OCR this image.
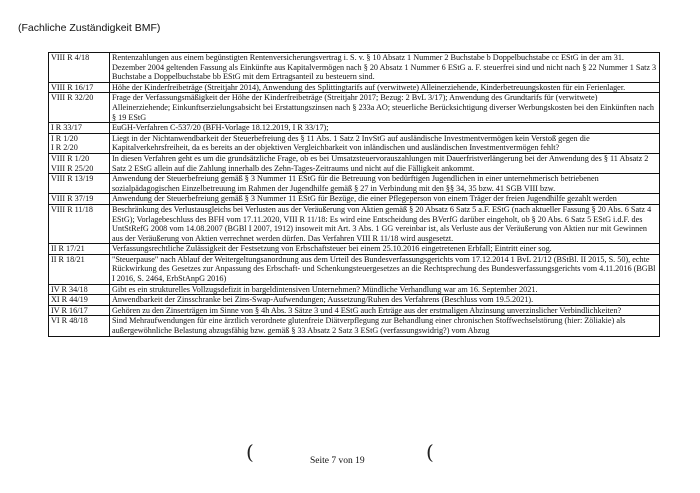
(Fachliche Zuständigkeit BMF)
VIII R 4/18	Rentenzahlungen aus einem begünstigten Rentenversicherungsvertrag i. S. v. § 10 Absatz 1 Nummer 2 Buchstabe b Doppelbuchstabe cc EStG in der am 31. Dezember 2004 geltenden Fassung als Einkünfte aus Kapitalvermögen nach § 20 Absatz 1 Nummer 6 EStG a. F. steuerfrei sind und nicht nach § 22 Nummer 1 Satz 3 Buchstabe a Doppelbuchstabe bb EStG mit dem Ertragsanteil zu besteuern sind.

VIII R 16/17	Höhe der Kinderfreibeträge (Streitjahr 2014), Anwendung des Splittingtarifs auf (verwitwete) Alleinerziehende, Kinderbetreuungskosten für ein Ferienlager.

VIII R 32/20	Frage der Verfassungsmäßigkeit der Höhe der Kinderfreibeträge (Streitjahr 2017; Bezug: 2 BvL 3/17); Anwendung des Grundtarifs für (verwitwete) Alleinerziehende; Einkunftserzielungsabsicht bei Erstattungszinsen nach § 233a AO; steuerliche Berücksichtigung diverser Werbungskosten bei den Einkünften nach § 19 EStG

I R 33/17	EuGH-Verfahren C-537/20 (BFH-Vorlage 18.12.2019, I R 33/17);

I R 1/20
I R 2/20	Liegt in der Nichtanwendbarkeit der Steuerbefreiung des § 11 Abs. 1 Satz 2 InvStG auf ausländische Investmentvermögen kein Verstoß gegen die Kapitalverkehrsfreiheit, da es bereits an der objektiven Vergleichbarkeit von inländischen und ausländischen Investmentvermögen fehlt?

VIII R 1/20
VIII R 25/20	In diesen Verfahren geht es um die grundsätzliche Frage, ob es bei Umsatzsteuervorauszahlungen mit Dauerfristverlängerung bei der Anwendung des § 11 Absatz 2 Satz 2 EStG allein auf die Zahlung innerhalb des Zehn-Tages-Zeitraums und nicht auf die Fälligkeit ankommt.

VIII R 13/19	Anwendung der Steuerbefreiung gemäß § 3 Nummer 11 EStG für die Betreuung von bedürftigen Jugendlichen in einer unternehmerisch betriebenen sozialpädagogischen Einzelbetreuung im Rahmen der Jugendhilfe gemäß § 27 in Verbindung mit den §§ 34, 35 bzw. 41 SGB VIII bzw.

VIII R 37/19	Anwendung der Steuerbefreiung gemäß § 3 Nummer 11 EStG für Bezüge, die einer Pflegeperson von einem Träger der freien Jugendhilfe gezahlt werden

VIII R 11/18	Beschränkung des Verlustausgleichs bei Verlusten aus der Veräußerung von Aktien gemäß § 20 Absatz 6 Satz 5 a.F. EStG (nach aktueller Fassung § 20 Abs. 6 Satz 4 EStG); Vorlagebeschluss des BFH vom 17.11.2020, VIII R 11/18: Es wird eine Entscheidung des BVerfG darüber eingeholt, ob § 20 Abs. 6 Satz 5 EStG i.d.F. des UntStRefG 2008 vom 14.08.2007 (BGBl I 2007, 1912) insoweit mit Art. 3 Abs. 1 GG vereinbar ist, als Verluste aus der Veräußerung von Aktien nur mit Gewinnen aus der Veräußerung von Aktien verrechnet werden dürfen. Das Verfahren VIII R 11/18 wird ausgesetzt.

II R 17/21	Verfassungsrechtliche Zulässigkeit der Festsetzung von Erbschaftsteuer bei einem 25.10.2016 eingetretenen Erbfall; Eintritt einer sog.

II R 18/21	"Steuerpause" nach Ablauf der Weitergeltungsanordnung aus dem Urteil des Bundesverfassungsgerichts vom 17.12.2014 1 BvL 21/12 (BStBl. II 2015, S. 50), echte Rückwirkung des Gesetzes zur Anpassung des Erbschaft- und Schenkungsteuergesetzes an die Rechtsprechung des Bundesverfassungsgerichts vom 4.11.2016 (BGBl I 2016, S. 2464, ErbStAnpG 2016)

IV R 34/18	Gibt es ein strukturelles Vollzugsdefizit in bargeldintensiven Unternehmen? Mündliche Verhandlung war am 16. September 2021.

XI R 44/19	Anwendbarkeit der Zinsschranke bei Zins-Swap-Aufwendungen; Aussetzung/Ruhen des Verfahrens (Beschluss vom 19.5.2021).

IV R 16/17	Gehören zu den Zinserträgen im Sinne von § 4h Abs. 3 Sätze 3 und 4 EStG auch Erträge aus der erstmaligen Abzinsung unverzinslicher Verbindlichkeiten?

VI R 48/18	Sind Mehraufwendungen für eine ärztlich verordnete glutenfreie Diätverpflegung zur Behandlung einer chronischen Stoffwechselstörung (hier: Zöliakie) als außergewöhnliche Belastung abzugsfähig bzw. gemäß § 33 Absatz 2 Satz 3 EStG (verfassungswidrig?) vom Abzug
Seite 7 von 19
(	(
